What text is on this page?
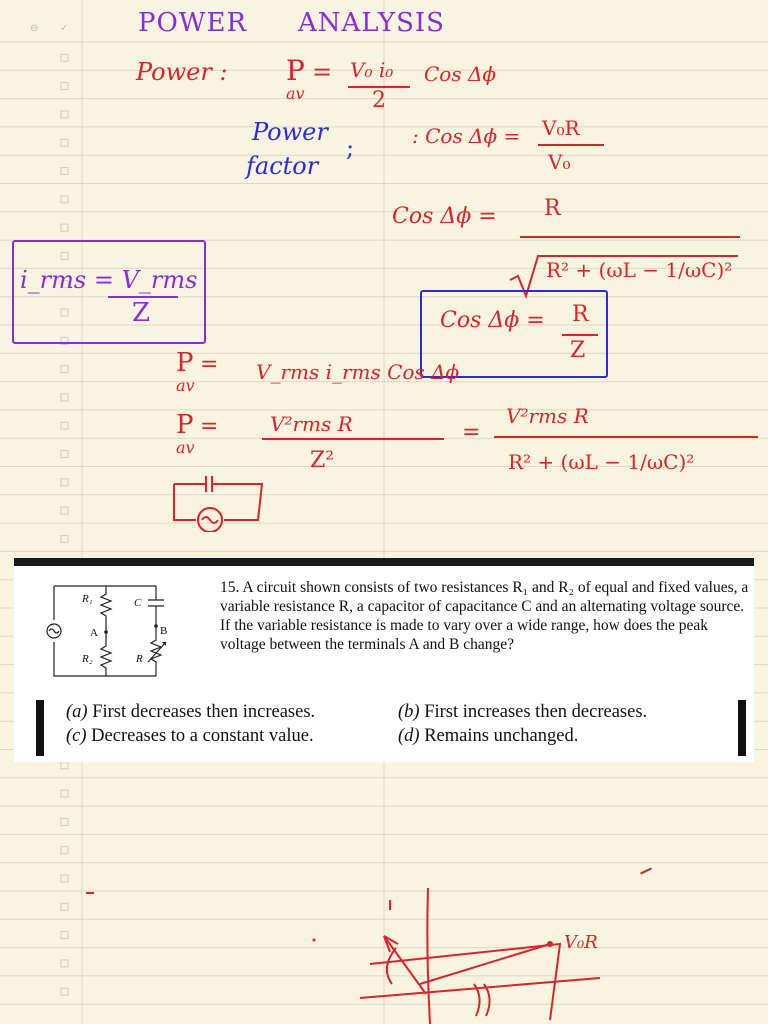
⊖ ✓	POWER ANALYSIS
Power : P =
av
V₀ i₀
2
Cos Δϕ
Power
factor
;	: Cos Δϕ = V₀R
V₀
Cos Δϕ = R
R² + (ωL − 1/ωC)²
i_rms = V_rms
Z	Cos Δϕ = R
Z
P =
av
V_rms i_rms Cos Δϕ
P =
av
V²rms R
Z²
=
V²rms R
R² + (ωL − 1/ωC)²
R₁
R₂
A
C
B
R
15. A circuit shown consists of two resistances R₁ and R₂ of equal and fixed values, a variable resistance R, a capacitor of capacitance C and an alternating voltage source. If the variable resistance is made to vary over a wide range, how does the peak voltage between the terminals A and B change?
(a) First decreases then increases.	(b) First increases then decreases.
(c) Decreases to a constant value.	(d) Remains unchanged.
V₀R
